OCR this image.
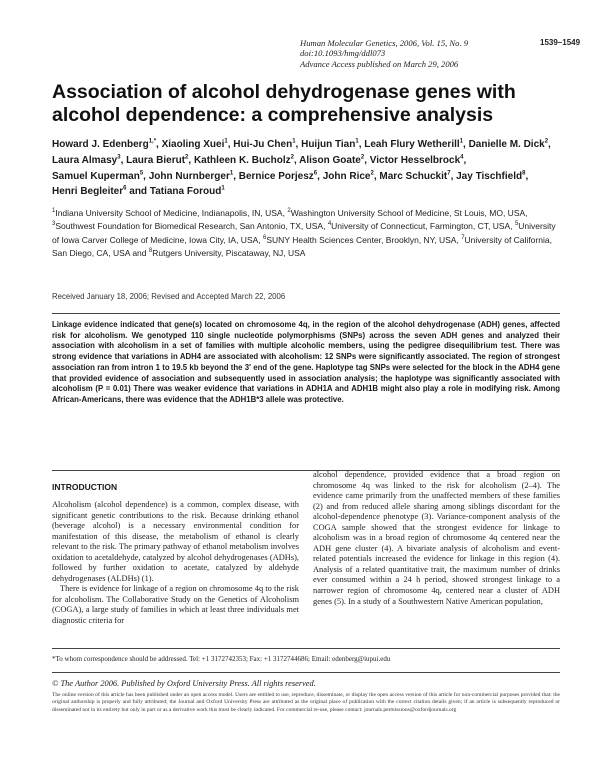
Human Molecular Genetics, 2006, Vol. 15, No. 9
doi:10.1093/hmg/ddl073
Advance Access published on March 29, 2006
1539–1549
Association of alcohol dehydrogenase genes with alcohol dependence: a comprehensive analysis
Howard J. Edenberg$^{1,*}$, Xiaoling Xuei$^1$, Hui-Ju Chen$^1$, Huijun Tian$^1$, Leah Flury Wetherill$^1$, Danielle M. Dick$^2$, Laura Almasy$^3$, Laura Bierut$^2$, Kathleen K. Bucholz$^2$, Alison Goate$^2$, Victor Hesselbrock$^4$, Samuel Kuperman$^5$, John Nurnberger$^1$, Bernice Porjesz$^6$, John Rice$^2$, Marc Schuckit$^7$, Jay Tischfield$^8$, Henri Begleiter$^6$ and Tatiana Foroud$^1$
$^1$Indiana University School of Medicine, Indianapolis, IN, USA, $^2$Washington University School of Medicine, St Louis, MO, USA, $^3$Southwest Foundation for Biomedical Research, San Antonio, TX, USA, $^4$University of Connecticut, Farmington, CT, USA, $^5$University of Iowa Carver College of Medicine, Iowa City, IA, USA, $^6$SUNY Health Sciences Center, Brooklyn, NY, USA, $^7$University of California, San Diego, CA, USA and $^8$Rutgers University, Piscataway, NJ, USA
Received January 18, 2006; Revised and Accepted March 22, 2006

Linkage evidence indicated that gene(s) located on chromosome 4q, in the region of the alcohol dehydrogenase (ADH) genes, affected risk for alcoholism. We genotyped 110 single nucleotide polymorphisms (SNPs) across the seven ADH genes and analyzed their association with alcoholism in a set of families with multiple alcoholic members, using the pedigree disequilibrium test. There was strong evidence that variations in ADH4 are associated with alcoholism: 12 SNPs were significantly associated. The region of strongest association ran from intron 1 to 19.5 kb beyond the 3′ end of the gene. Haplotype tag SNPs were selected for the block in the ADH4 gene that provided evidence of association and subsequently used in association analysis; the haplotype was significantly associated with alcoholism (P = 0.01) There was weaker evidence that variations in ADH1A and ADH1B might also play a role in modifying risk. Among African-Americans, there was evidence that the ADH1B*3 allele was protective.

INTRODUCTION
Alcoholism (alcohol dependence) is a common, complex disease, with significant genetic contributions to the risk. Because drinking ethanol (beverage alcohol) is a necessary environmental condition for manifestation of this disease, the metabolism of ethanol is clearly relevant to the risk. The primary pathway of ethanol metabolism involves oxidation to acetaldehyde, catalyzed by alcohol dehydrogenases (ADHs), followed by further oxidation to acetate, catalyzed by aldehyde dehydrogenases (ALDHs) (1).
There is evidence for linkage of a region on chromosome 4q to the risk for alcoholism. The Collaborative Study on the Genetics of Alcoholism (COGA), a large study of families in which at least three individuals met diagnostic criteria for

alcohol dependence, provided evidence that a broad region on chromosome 4q was linked to the risk for alcoholism (2–4). The evidence came primarily from the unaffected members of these families (2) and from reduced allele sharing among siblings discordant for the alcohol-dependence phenotype (3). Variance-component analysis of the COGA sample showed that the strongest evidence for linkage to alcoholism was in a broad region of chromosome 4q centered near the ADH gene cluster (4). A bivariate analysis of alcoholism and event-related potentials increased the evidence for linkage in this region (4). Analysis of a related quantitative trait, the maximum number of drinks ever consumed within a 24 h period, showed strongest linkage to a narrower region of chromosome 4q, centered near a cluster of ADH genes (5). In a study of a Southwestern Native American population,

*To whom correspondence should be addressed. Tel: +1 3172742353; Fax: +1 3172744686; Email: edenberg@iupui.edu
© The Author 2006. Published by Oxford University Press. All rights reserved.

The online version of this article has been published under an open access model. Users are entitled to use, reproduce, disseminate, or display the open access version of this article for non-commercial purposes provided that: the original authorship is properly and fully attributed; the Journal and Oxford University Press are attributed as the original place of publication with the correct citation details given; if an article is subsequently reproduced or disseminated not in its entirety but only in part or as a derivative work this must be clearly indicated. For commercial re-use, please contact: journals.permissions@oxfordjournals.org
